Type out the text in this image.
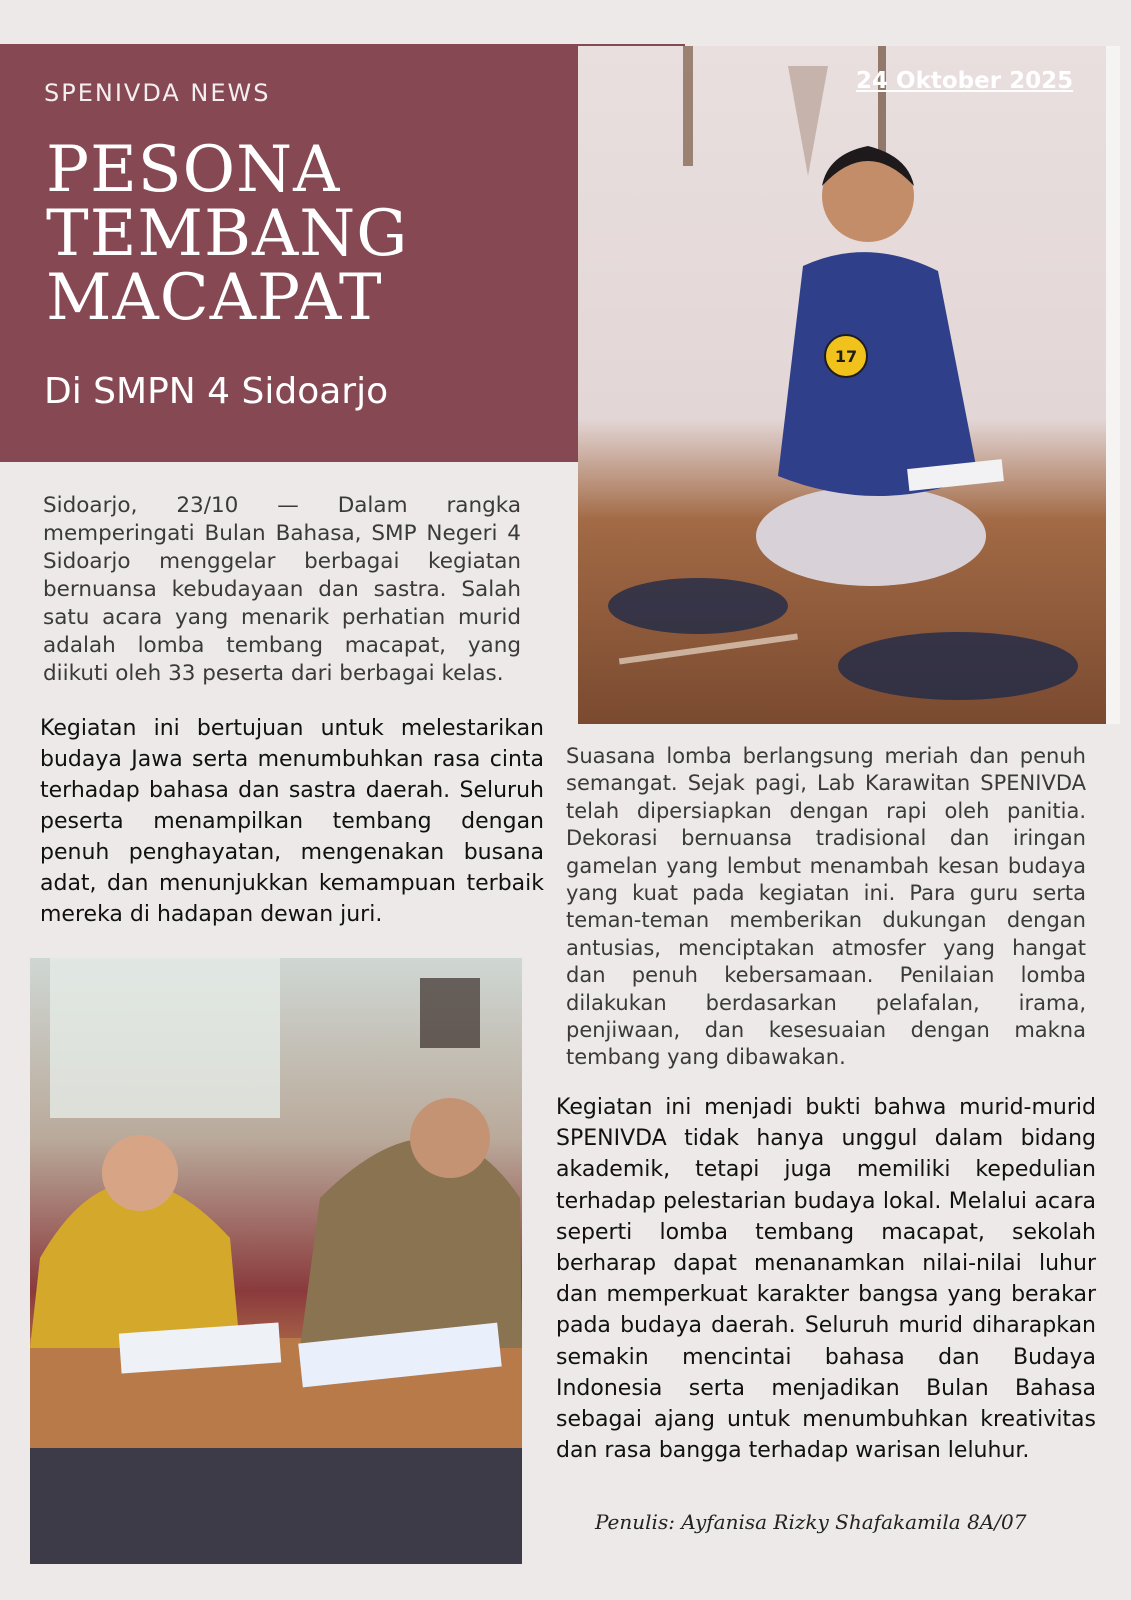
SPENIVDA NEWS

PESONA
TEMBANG
MACAPAT
Di SMPN 4 Sidoarjo
17

24 Oktober 2025

Sidoarjo, 23/10 — Dalam rangka memperingati Bulan Bahasa, SMP Negeri 4 Sidoarjo menggelar berbagai kegiatan bernuansa kebudayaan dan sastra. Salah satu acara yang menarik perhatian murid adalah lomba tembang macapat, yang diikuti oleh 33 peserta dari berbagai kelas.

Kegiatan ini bertujuan untuk melestarikan budaya Jawa serta menumbuhkan rasa cinta terhadap bahasa dan sastra daerah. Seluruh peserta menampilkan tembang dengan penuh penghayatan, mengenakan busana adat, dan menunjukkan kemampuan terbaik mereka di hadapan dewan juri.

Suasana lomba berlangsung meriah dan penuh semangat. Sejak pagi, Lab Karawitan SPENIVDA telah dipersiapkan dengan rapi oleh panitia. Dekorasi bernuansa tradisional dan iringan gamelan yang lembut menambah kesan budaya yang kuat pada kegiatan ini. Para guru serta teman-teman memberikan dukungan dengan antusias, menciptakan atmosfer yang hangat dan penuh kebersamaan. Penilaian lomba dilakukan berdasarkan pelafalan, irama, penjiwaan, dan kesesuaian dengan makna tembang yang dibawakan.

Kegiatan ini menjadi bukti bahwa murid-murid SPENIVDA tidak hanya unggul dalam bidang akademik, tetapi juga memiliki kepedulian terhadap pelestarian budaya lokal. Melalui acara seperti lomba tembang macapat, sekolah berharap dapat menanamkan nilai-nilai luhur dan memperkuat karakter bangsa yang berakar pada budaya daerah. Seluruh murid diharapkan semakin mencintai bahasa dan Budaya Indonesia serta menjadikan Bulan Bahasa sebagai ajang untuk menumbuhkan kreativitas dan rasa bangga terhadap warisan leluhur.

Penulis: Ayfanisa Rizky Shafakamila 8A/07
